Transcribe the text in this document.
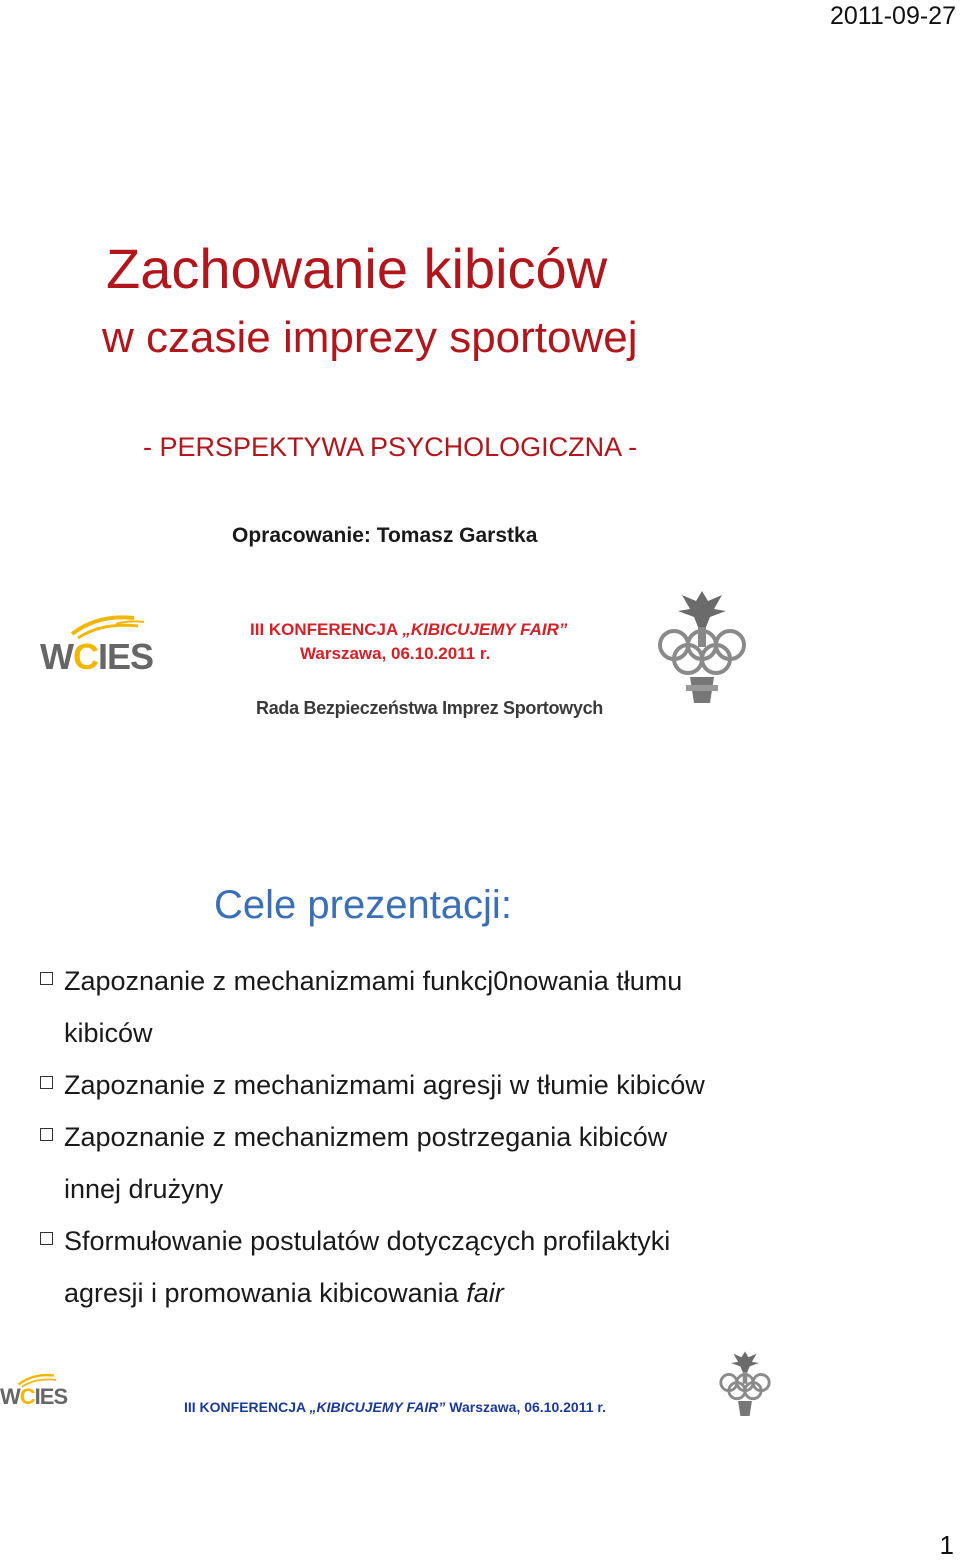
2011-09-27
Zachowanie kibiców
w czasie imprezy sportowej
- PERSPEKTYWA PSYCHOLOGICZNA -
Opracowanie: Tomasz Garstka
W C IES
III KONFERENCJA „KIBICUJEMY FAIR”
Warszawa, 06.10.2011 r.
Rada Bezpieczeństwa Imprez Sportowych
Cele prezentacji:
Zapoznanie z mechanizmami funkcj0nowania tłumu kibiców
Zapoznanie z mechanizmami agresji w tłumie kibiców
Zapoznanie z mechanizmem postrzegania kibiców innej drużyny
Sformułowanie postulatów dotyczących profilaktyki agresji i promowania kibicowania fair
W C IES	III KONFERENCJA „KIBICUJEMY FAIR” Warszawa, 06.10.2011 r.
1
